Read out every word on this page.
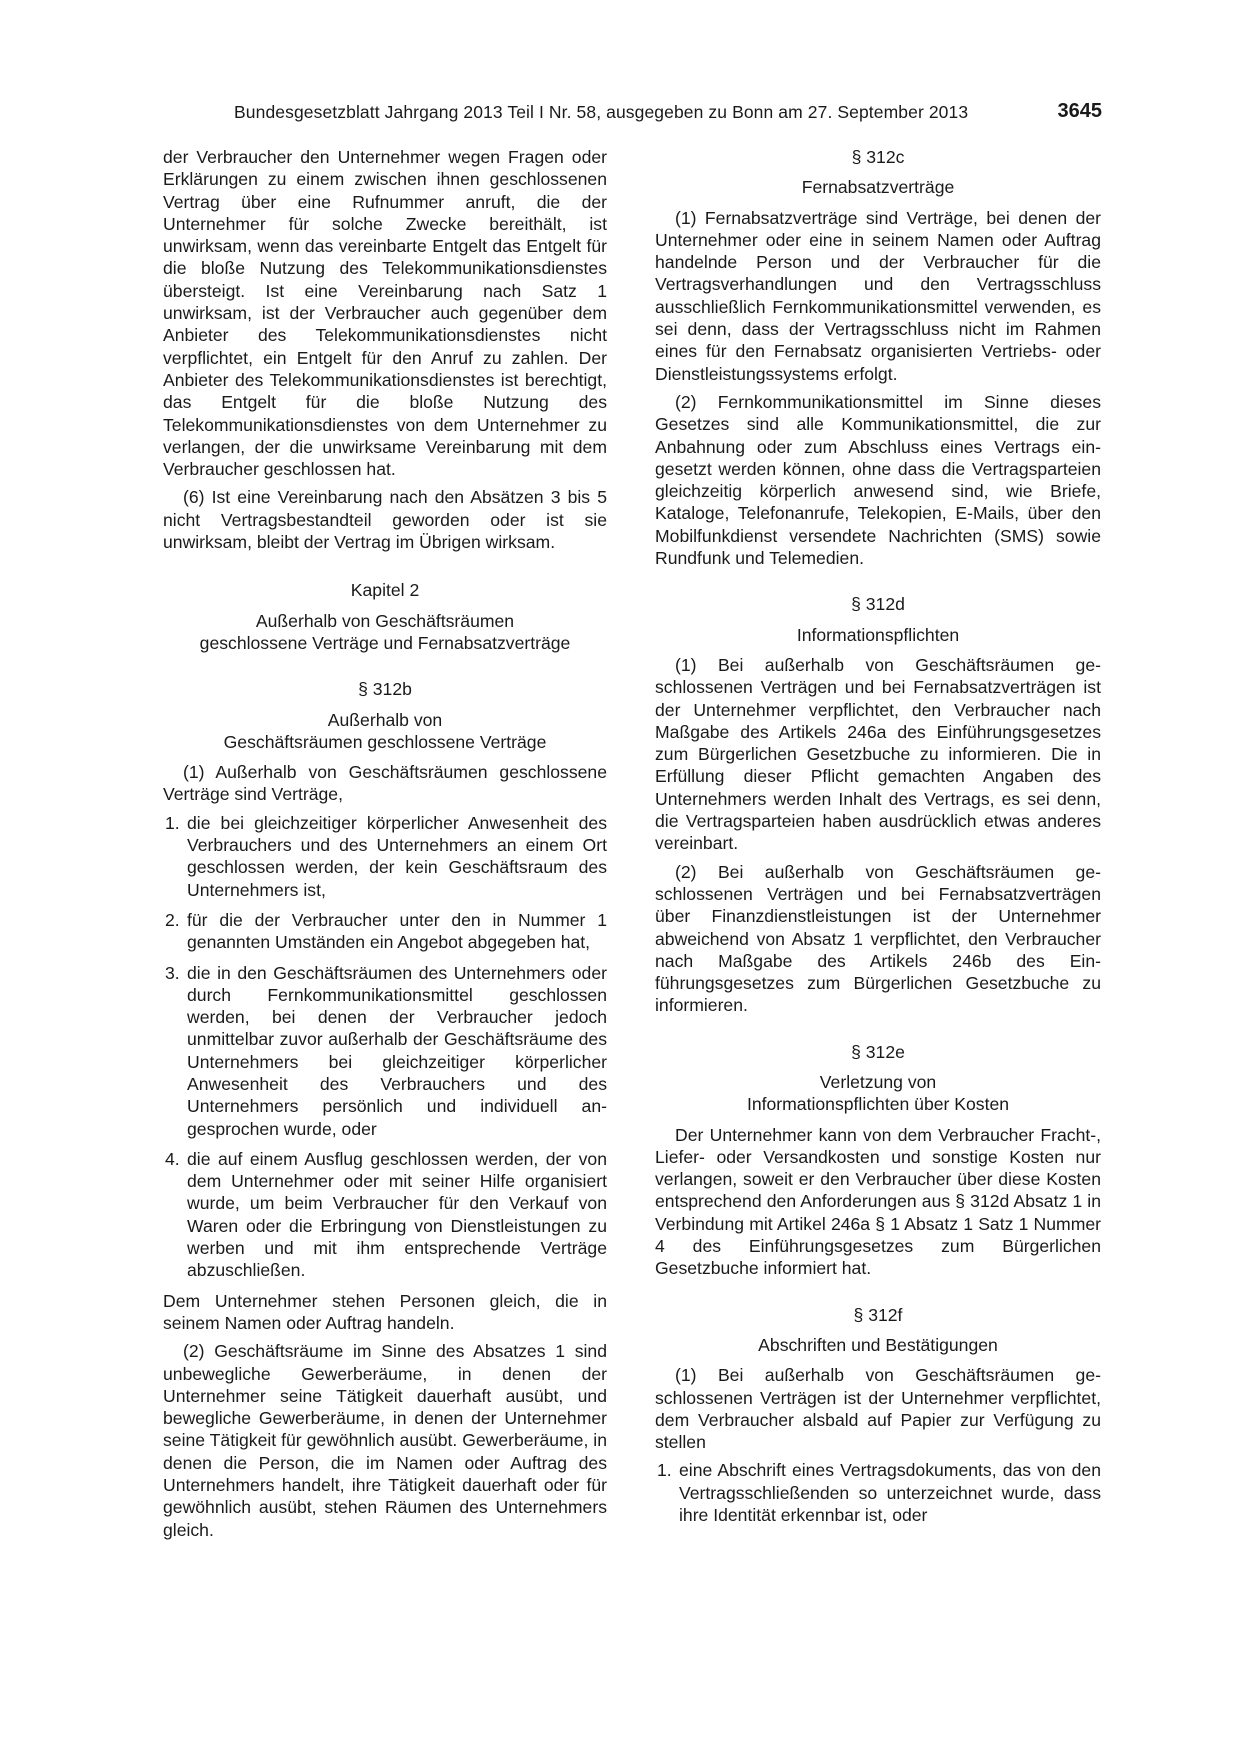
Bundesgesetzblatt Jahrgang 2013 Teil I Nr. 58, ausgegeben zu Bonn am 27. September 2013	3645

der Verbraucher den Unternehmer wegen Fragen oder Erklärungen zu einem zwischen ihnen geschlossenen Vertrag über eine Rufnummer anruft, die der Unternehmer für solche Zwecke bereithält, ist unwirksam, wenn das vereinbarte Entgelt das Entgelt für die bloße Nutzung des Telekommunikationsdienstes übersteigt. Ist eine Vereinbarung nach Satz 1 unwirksam, ist der Verbraucher auch gegenüber dem Anbieter des Telekommunikationsdienstes nicht verpflichtet, ein Entgelt für den Anruf zu zahlen. Der Anbieter des Telekommunikationsdienstes ist berechtigt, das Entgelt für die bloße Nutzung des Telekommunikationsdienstes von dem Unternehmer zu verlangen, der die unwirksame Vereinbarung mit dem Verbraucher geschlossen hat.

(6) Ist eine Vereinbarung nach den Absätzen 3 bis 5 nicht Vertragsbestandteil geworden oder ist sie unwirksam, bleibt der Vertrag im Übrigen wirksam.

Kapitel 2
Außerhalb von Geschäftsräumen
geschlossene Verträge und Fernabsatzverträge
§ 312b
Außerhalb von
Geschäftsräumen geschlossene Verträge

(1) Außerhalb von Geschäftsräumen geschlossene Verträge sind Verträge,

1. die bei gleichzeitiger körperlicher Anwesenheit des Verbrauchers und des Unternehmers an einem Ort geschlossen werden, der kein Geschäftsraum des Unternehmers ist,
2. für die der Verbraucher unter den in Nummer 1 genannten Umständen ein Angebot abgegeben hat,
3. die in den Geschäftsräumen des Unternehmers oder durch Fernkommunikationsmittel geschlossen werden, bei denen der Verbraucher jedoch unmittelbar zuvor außerhalb der Geschäftsräume des Unternehmers bei gleichzeitiger körperlicher Anwesenheit des Verbrauchers und des Unternehmers persönlich und individuell angesprochen wurde, oder
4. die auf einem Ausflug geschlossen werden, der von dem Unternehmer oder mit seiner Hilfe organisiert wurde, um beim Verbraucher für den Verkauf von Waren oder die Erbringung von Dienstleistungen zu werben und mit ihm entsprechende Verträge abzuschließen.

Dem Unternehmer stehen Personen gleich, die in seinem Namen oder Auftrag handeln.

(2) Geschäftsräume im Sinne des Absatzes 1 sind unbewegliche Gewerberäume, in denen der Unternehmer seine Tätigkeit dauerhaft ausübt, und bewegliche Gewerberäume, in denen der Unternehmer seine Tätigkeit für gewöhnlich ausübt. Gewerberäume, in denen die Person, die im Namen oder Auftrag des Unternehmers handelt, ihre Tätigkeit dauerhaft oder für gewöhnlich ausübt, stehen Räumen des Unternehmers gleich.

§ 312c
Fernabsatzverträge

(1) Fernabsatzverträge sind Verträge, bei denen der Unternehmer oder eine in seinem Namen oder Auftrag handelnde Person und der Verbraucher für die Vertragsverhandlungen und den Vertragsschluss ausschließlich Fernkommunikationsmittel verwenden, es sei denn, dass der Vertragsschluss nicht im Rahmen eines für den Fernabsatz organisierten Vertriebs- oder Dienstleistungssystems erfolgt.

(2) Fernkommunikationsmittel im Sinne dieses Gesetzes sind alle Kommunikationsmittel, die zur Anbahnung oder zum Abschluss eines Vertrags eingesetzt werden können, ohne dass die Vertragsparteien gleichzeitig körperlich anwesend sind, wie Briefe, Kataloge, Telefonanrufe, Telekopien, E-Mails, über den Mobilfunkdienst versendete Nachrichten (SMS) sowie Rundfunk und Telemedien.

§ 312d
Informationspflichten

(1) Bei außerhalb von Geschäftsräumen geschlossenen Verträgen und bei Fernabsatzverträgen ist der Unternehmer verpflichtet, den Verbraucher nach Maßgabe des Artikels 246a des Einführungsgesetzes zum Bürgerlichen Gesetzbuche zu informieren. Die in Erfüllung dieser Pflicht gemachten Angaben des Unternehmers werden Inhalt des Vertrags, es sei denn, die Vertragsparteien haben ausdrücklich etwas anderes vereinbart.

(2) Bei außerhalb von Geschäftsräumen geschlossenen Verträgen und bei Fernabsatzverträgen über Finanzdienstleistungen ist der Unternehmer abweichend von Absatz 1 verpflichtet, den Verbraucher nach Maßgabe des Artikels 246b des Einführungsgesetzes zum Bürgerlichen Gesetzbuche zu informieren.

§ 312e
Verletzung von
Informationspflichten über Kosten

Der Unternehmer kann von dem Verbraucher Fracht-, Liefer- oder Versandkosten und sonstige Kosten nur verlangen, soweit er den Verbraucher über diese Kosten entsprechend den Anforderungen aus § 312d Absatz 1 in Verbindung mit Artikel 246a § 1 Absatz 1 Satz 1 Nummer 4 des Einführungsgesetzes zum Bürgerlichen Gesetzbuche informiert hat.

§ 312f
Abschriften und Bestätigungen

(1) Bei außerhalb von Geschäftsräumen geschlossenen Verträgen ist der Unternehmer verpflichtet, dem Verbraucher alsbald auf Papier zur Verfügung zu stellen

1. eine Abschrift eines Vertragsdokuments, das von den Vertragsschließenden so unterzeichnet wurde, dass ihre Identität erkennbar ist, oder
